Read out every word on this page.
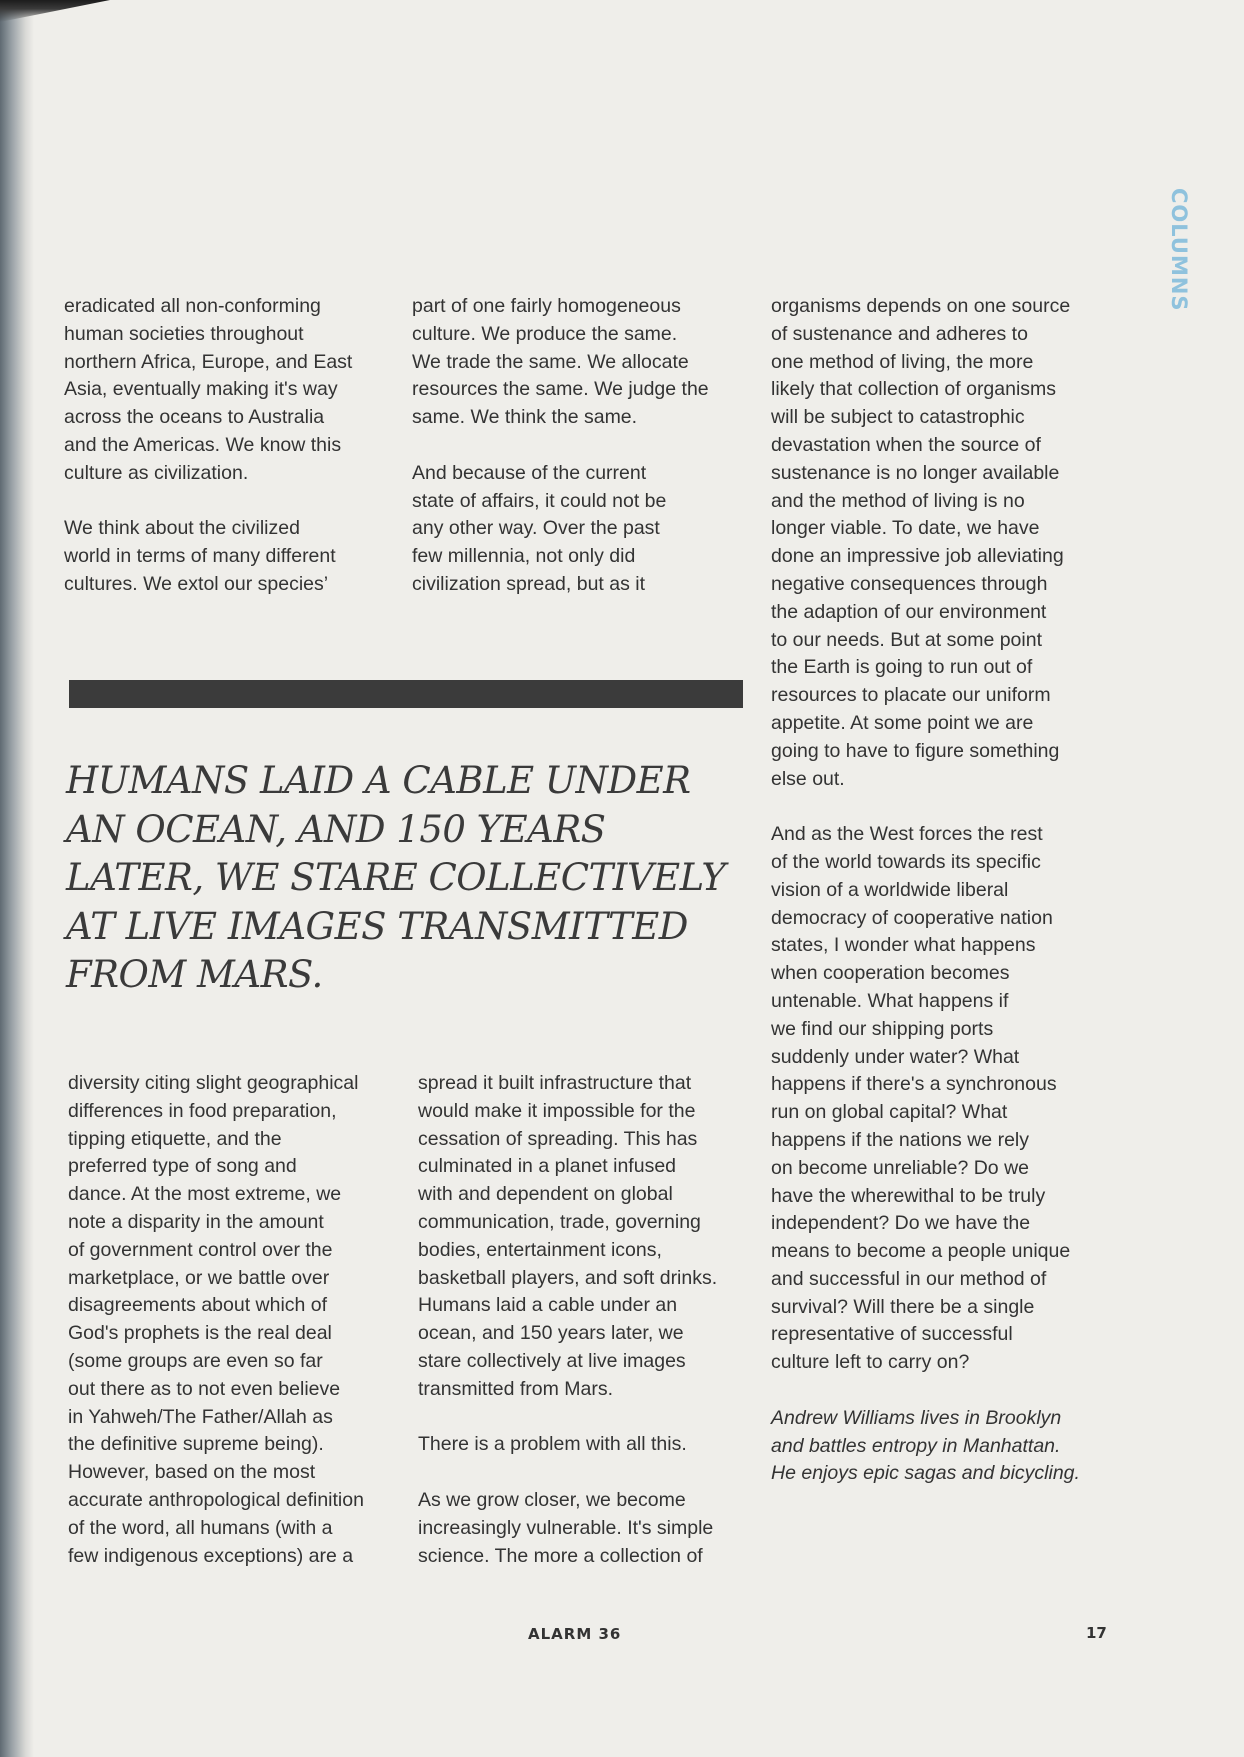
COLUMNS

eradicated all non-conforming
human societies throughout
northern Africa, Europe, and East
Asia, eventually making it's way
across the oceans to Australia
and the Americas. We know this
culture as civilization.

We think about the civilized
world in terms of many different
cultures. We extol our species’

part of one fairly homogeneous
culture. We produce the same.
We trade the same. We allocate
resources the same. We judge the
same. We think the same.

And because of the current
state of affairs, it could not be
any other way. Over the past
few millennia, not only did
civilization spread, but as it

HUMANS LAID A CABLE UNDER
AN OCEAN, AND 150 YEARS
LATER, WE STARE COLLECTIVELY
AT LIVE IMAGES TRANSMITTED
FROM MARS.

diversity citing slight geographical
differences in food preparation,
tipping etiquette, and the
preferred type of song and
dance. At the most extreme, we
note a disparity in the amount
of government control over the
marketplace, or we battle over
disagreements about which of
God's prophets is the real deal
(some groups are even so far
out there as to not even believe
in Yahweh/The Father/Allah as
the definitive supreme being).
However, based on the most
accurate anthropological definition
of the word, all humans (with a
few indigenous exceptions) are a

spread it built infrastructure that
would make it impossible for the
cessation of spreading. This has
culminated in a planet infused
with and dependent on global
communication, trade, governing
bodies, entertainment icons,
basketball players, and soft drinks.
Humans laid a cable under an
ocean, and 150 years later, we
stare collectively at live images
transmitted from Mars.

There is a problem with all this.

As we grow closer, we become
increasingly vulnerable. It's simple
science. The more a collection of

organisms depends on one source
of sustenance and adheres to
one method of living, the more
likely that collection of organisms
will be subject to catastrophic
devastation when the source of
sustenance is no longer available
and the method of living is no
longer viable. To date, we have
done an impressive job alleviating
negative consequences through
the adaption of our environment
to our needs. But at some point
the Earth is going to run out of
resources to placate our uniform
appetite. At some point we are
going to have to figure something
else out.

And as the West forces the rest
of the world towards its specific
vision of a worldwide liberal
democracy of cooperative nation
states, I wonder what happens
when cooperation becomes
untenable. What happens if
we find our shipping ports
suddenly under water? What
happens if there's a synchronous
run on global capital? What
happens if the nations we rely
on become unreliable? Do we
have the wherewithal to be truly
independent? Do we have the
means to become a people unique
and successful in our method of
survival? Will there be a single
representative of successful
culture left to carry on?

Andrew Williams lives in Brooklyn
and battles entropy in Manhattan.
He enjoys epic sagas and bicycling.

ALARM 36	17
